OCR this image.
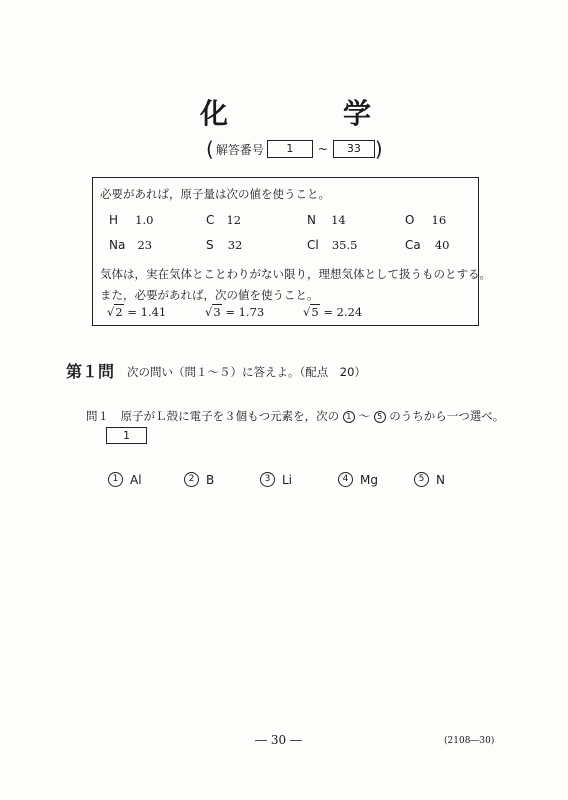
化	学
( 解答番号	1	~	33 )
必要があれば，原子量は次の値を使うこと。
H 1.0	C 12	N 14	O 16
Na 23	S 32	Cl 35.5	Ca 40
気体は，実在気体とことわりがない限り，理想気体として扱うものとする。
また，必要があれば，次の値を使うこと。
√2 = 1.41	√3 = 1.73	√5 = 2.24
第１問 次の問い（問１～５）に答えよ。（配点　20）
問１ 原子がＬ殻に電子を３個もつ元素を，次の 1 ～ 5 のうちから一つ選べ。
1
1 Al	2 B	3 Li	4 Mg	5 N
― 30 ―	(2108―30)
